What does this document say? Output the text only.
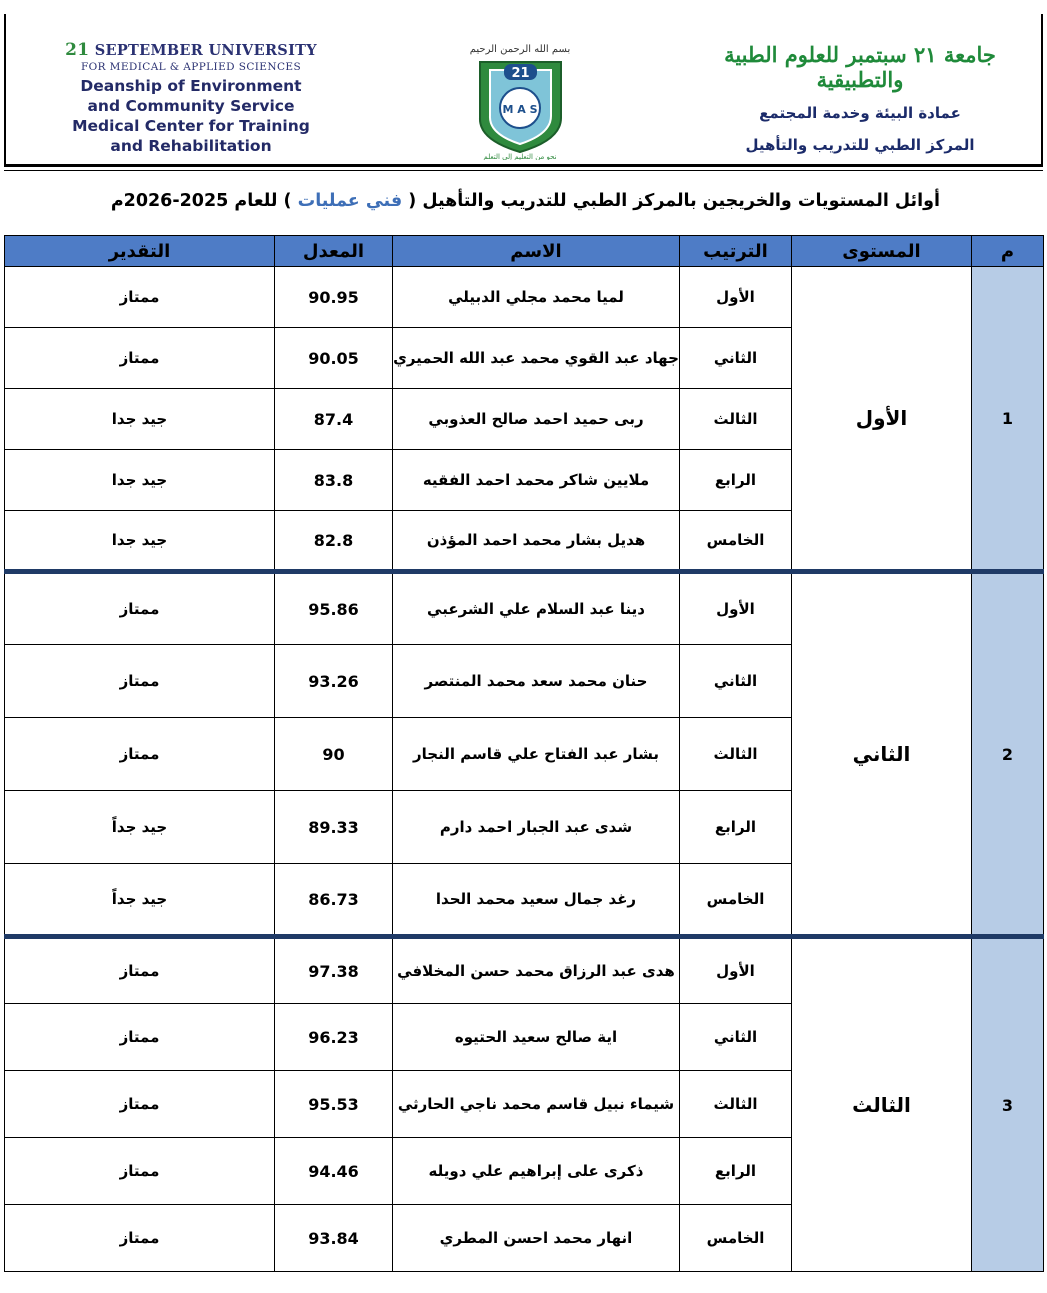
21 SEPTEMBER UNIVERSITY
FOR MEDICAL & APPLIED SCIENCES
Deanship of Environment
and Community Service
Medical Center for Training
and Rehabilitation
بسم الله الرحمن الرحيم
21
M A S
نحو من التعليم إلى التعلم
جامعة ٢١ سبتمبر للعلوم الطبية والتطبيقية
عمادة البيئة وخدمة المجتمع
المركز الطبي للتدريب والتأهيل
أوائل المستويات والخريجين بالمركز الطبي للتدريب والتأهيل ( فني عمليات ) للعام 2025-2026م
م	المستوى	الترتيب	الاسم	المعدل	التقدير
1	الأول	الأول	لميا محمد مجلي الدبيلي	90.95	ممتاز
		الثاني	جهاد عبد القوي محمد عبد الله الحميري	90.05	ممتاز
		الثالث	ربى حميد احمد صالح العذوبي	87.4	جيد جدا
		الرابع	ملايين شاكر محمد احمد الفقيه	83.8	جيد جدا
		الخامس	هديل بشار محمد احمد المؤذن	82.8	جيد جدا
2	الثاني	الأول	دينا عبد السلام علي الشرعبي	95.86	ممتاز
		الثاني	حنان محمد سعد محمد المنتصر	93.26	ممتاز
		الثالث	بشار عبد الفتاح علي قاسم النجار	90	ممتاز
		الرابع	شدى عبد الجبار احمد دارم	89.33	جيد جداً
		الخامس	رغد جمال سعيد محمد الحدا	86.73	جيد جداً
3	الثالث	الأول	هدى عبد الرزاق محمد حسن المخلافي	97.38	ممتاز
		الثاني	اية صالح سعيد الحتيوه	96.23	ممتاز
		الثالث	شيماء نبيل قاسم محمد ناجي الحارثي	95.53	ممتاز
		الرابع	ذكرى على إبراهيم علي دويله	94.46	ممتاز
		الخامس	انهار محمد احسن المطري	93.84	ممتاز
